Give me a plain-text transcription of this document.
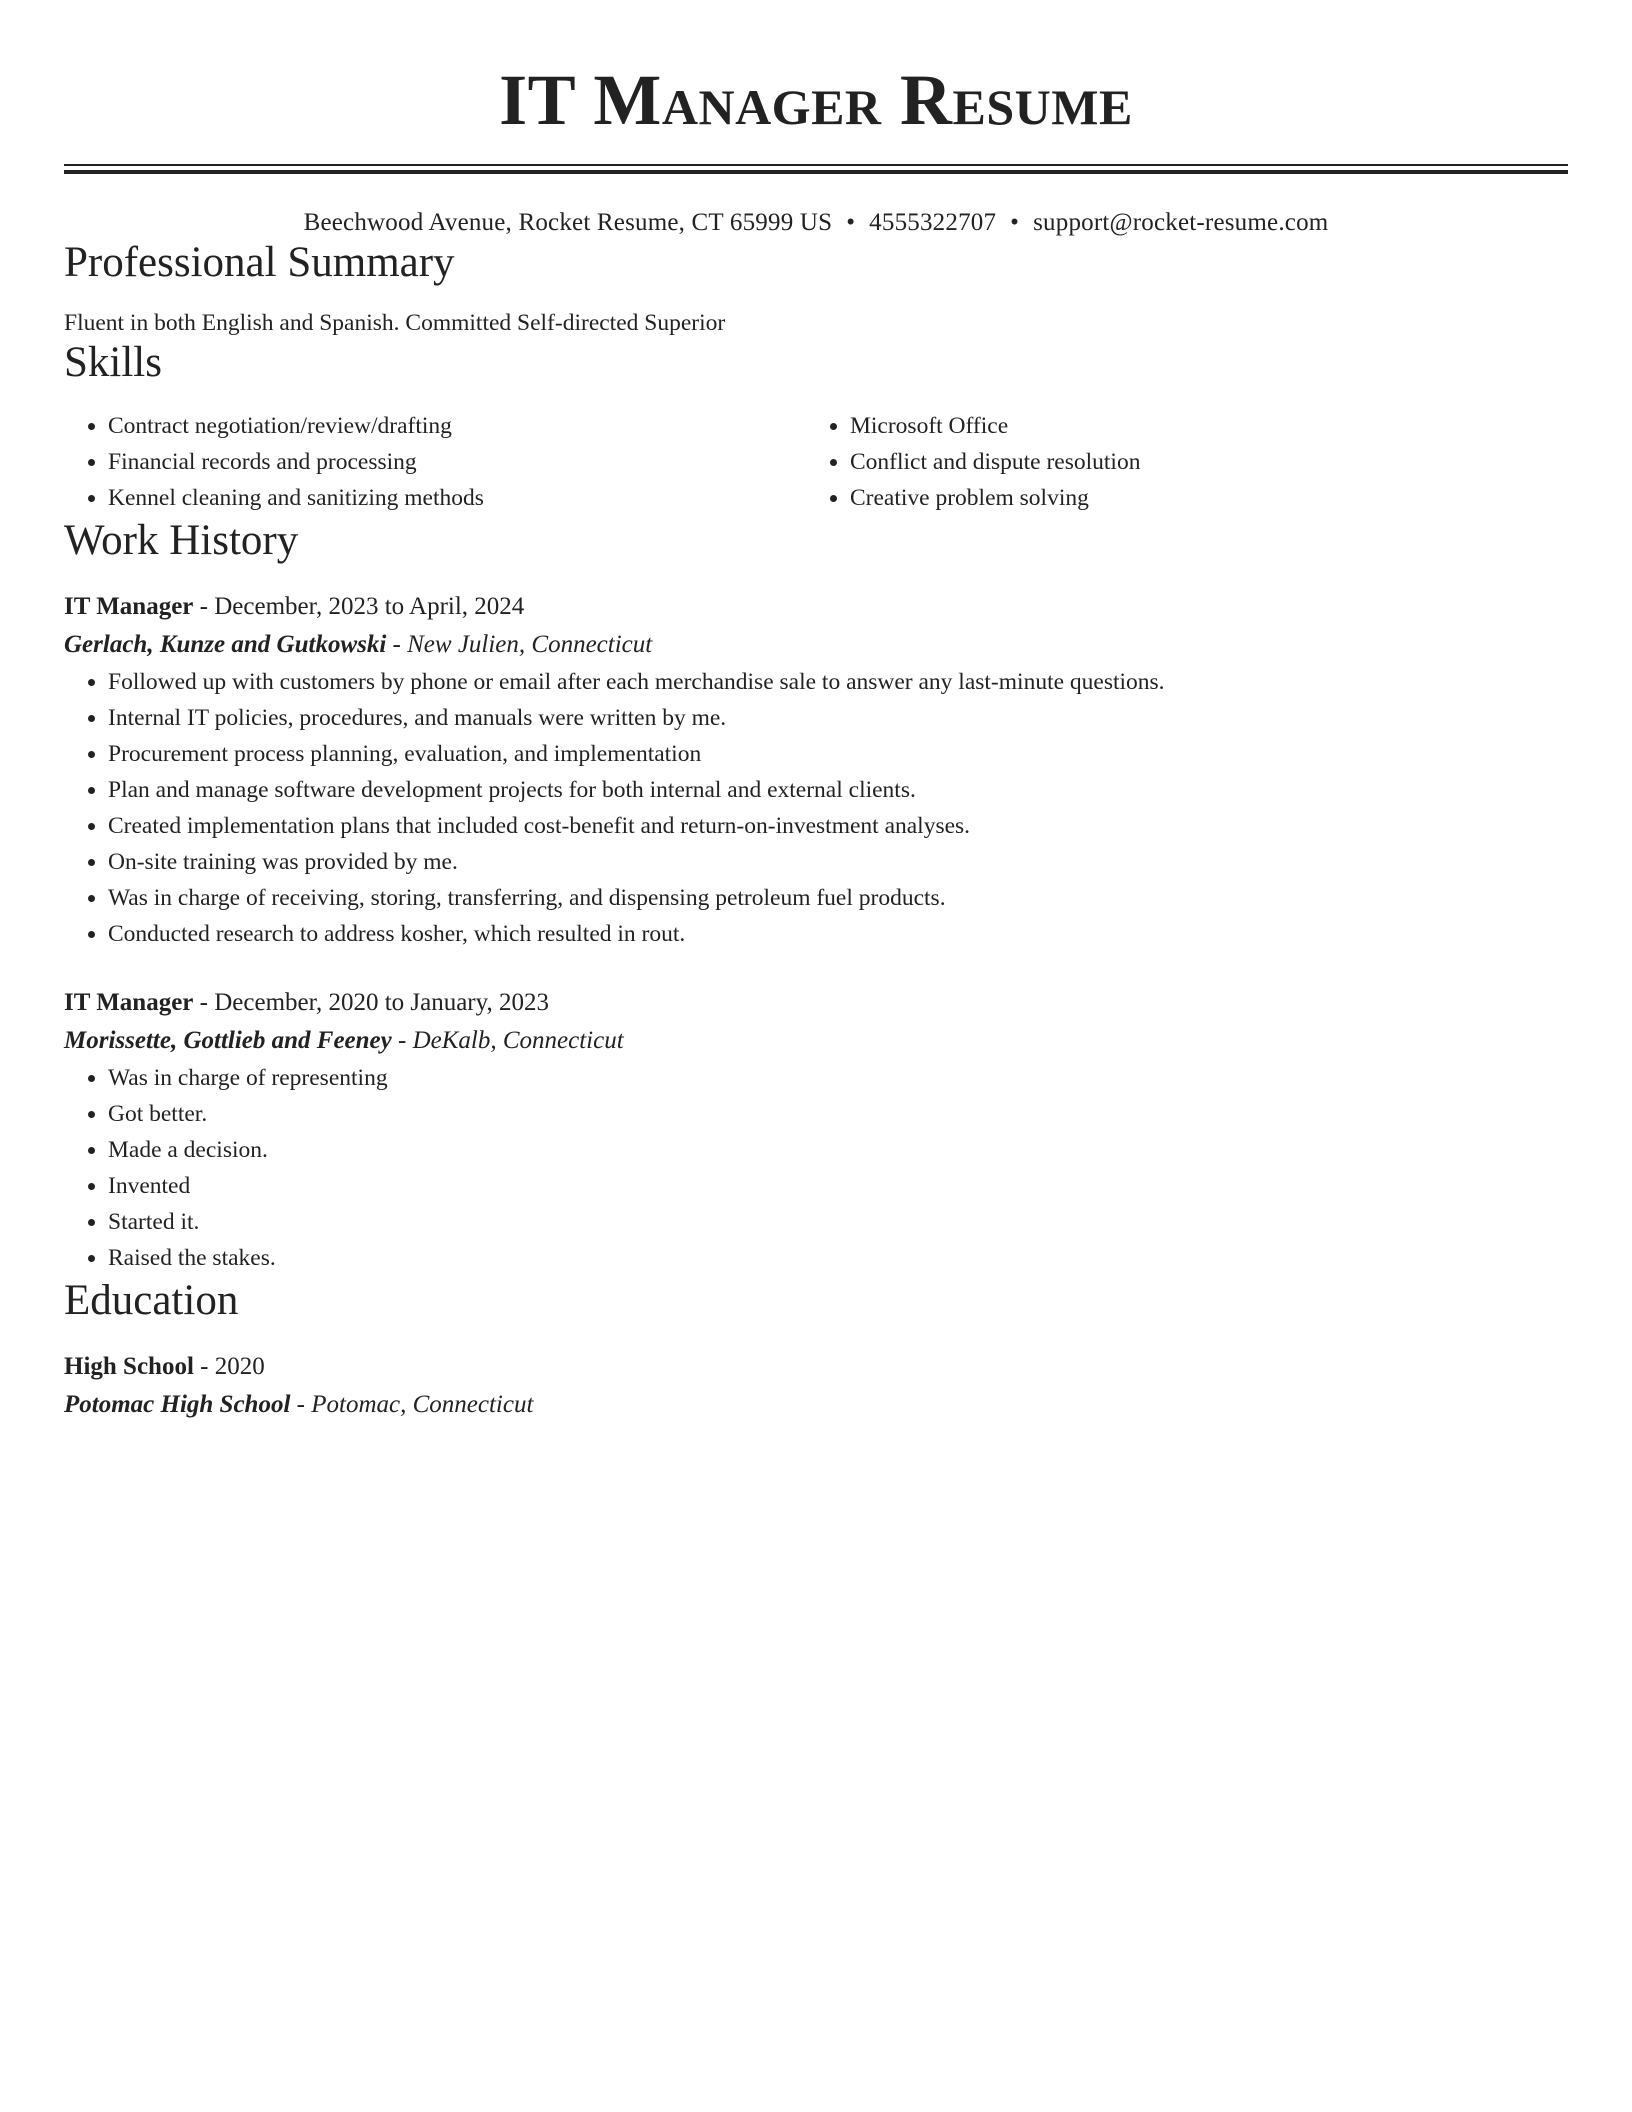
IT Manager Resume
Beechwood Avenue, Rocket Resume, CT 65999 US • 4555322707 • support@rocket-resume.com
Professional Summary
Fluent in both English and Spanish. Committed Self-directed Superior
Skills
• Contract negotiation/review/drafting
• Financial records and processing
• Kennel cleaning and sanitizing methods
• Microsoft Office
• Conflict and dispute resolution
• Creative problem solving
Work History
IT Manager - December, 2023 to April, 2024
Gerlach, Kunze and Gutkowski - New Julien, Connecticut
• Followed up with customers by phone or email after each merchandise sale to answer any last-minute questions.
• Internal IT policies, procedures, and manuals were written by me.
• Procurement process planning, evaluation, and implementation
• Plan and manage software development projects for both internal and external clients.
• Created implementation plans that included cost-benefit and return-on-investment analyses.
• On-site training was provided by me.
• Was in charge of receiving, storing, transferring, and dispensing petroleum fuel products.
• Conducted research to address kosher, which resulted in rout.
IT Manager - December, 2020 to January, 2023
Morissette, Gottlieb and Feeney - DeKalb, Connecticut
• Was in charge of representing
• Got better.
• Made a decision.
• Invented
• Started it.
• Raised the stakes.
Education
High School - 2020
Potomac High School - Potomac, Connecticut
